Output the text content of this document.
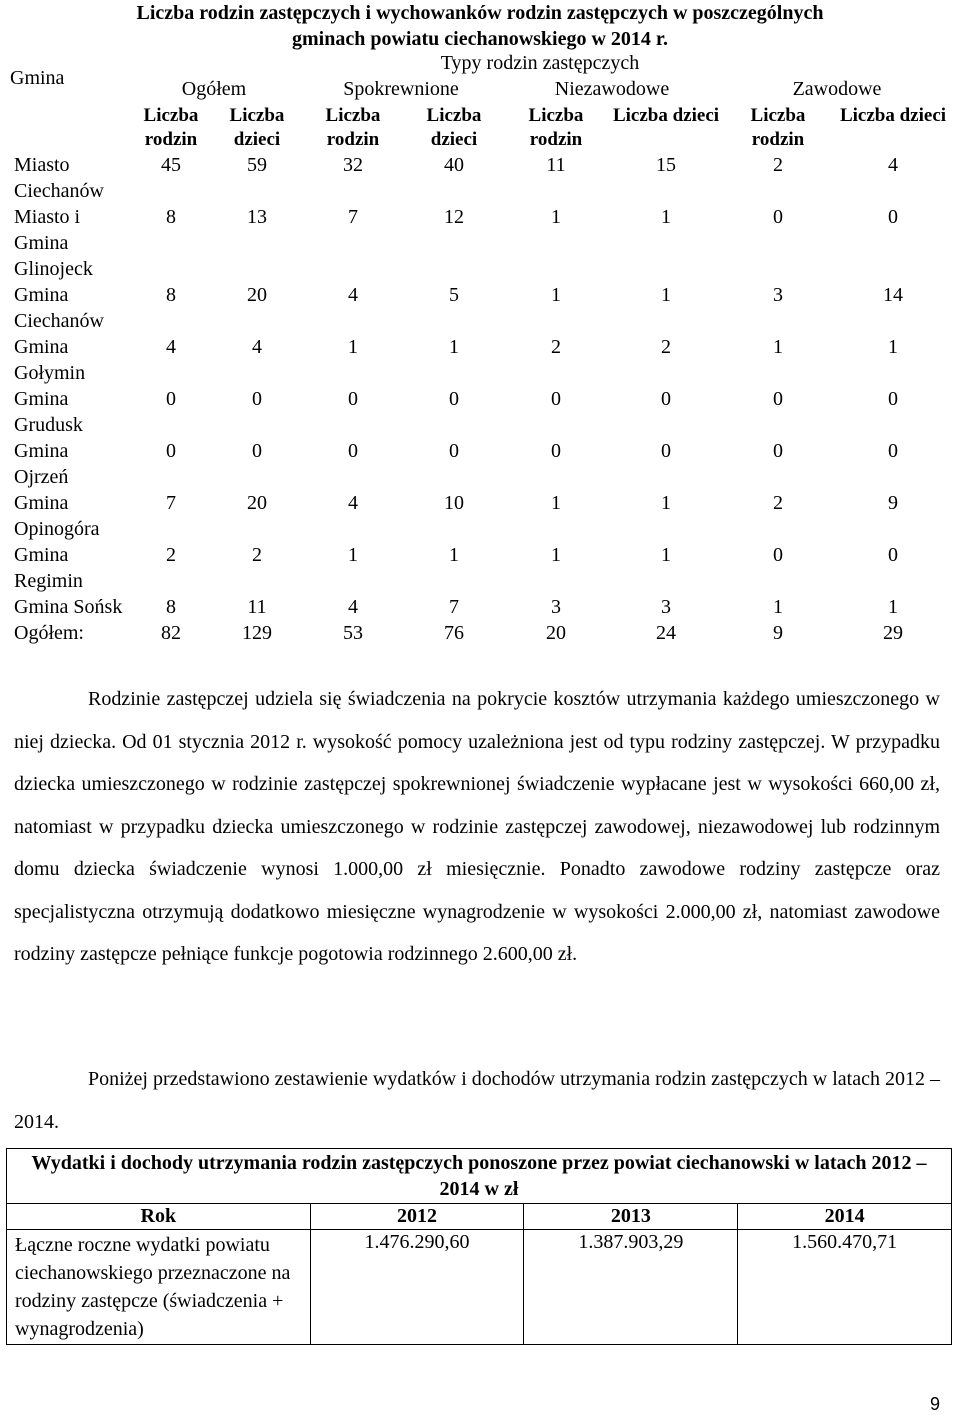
Liczba rodzin zastępczych i wychowanków rodzin zastępczych w poszczególnych
gminach powiatu ciechanowskiego w 2014 r.
Gmina	Typy rodzin zastępczych							
	Ogółem		Spokrewnione		Niezawodowe		Zawodowe	
	Liczba rodzin	Liczba dzieci	Liczba rodzin	Liczba dzieci	Liczba rodzin	Liczba dzieci	Liczba rodzin	Liczba dzieci
Miasto Ciechanów	45	59	32	40	11	15	2	4
Miasto i Gmina Glinojeck	8	13	7	12	1	1	0	0
Gmina Ciechanów	8	20	4	5	1	1	3	14
Gmina Gołymin	4	4	1	1	2	2	1	1
Gmina Grudusk	0	0	0	0	0	0	0	0
Gmina Ojrzeń	0	0	0	0	0	0	0	0
Gmina Opinogóra	7	20	4	10	1	1	2	9
Gmina Regimin	2	2	1	1	1	1	0	0
Gmina Sońsk	8	11	4	7	3	3	1	1
Ogółem:	82	129	53	76	20	24	9	29
Rodzinie zastępczej udziela się świadczenia na pokrycie kosztów utrzymania każdego umieszczonego w niej dziecka. Od 01 stycznia 2012 r. wysokość pomocy uzależniona jest od typu rodziny zastępczej. W przypadku dziecka umieszczonego w rodzinie zastępczej spokrewnionej świadczenie wypłacane jest w wysokości 660,00 zł, natomiast w przypadku dziecka umieszczonego w rodzinie zastępczej zawodowej, niezawodowej lub rodzinnym domu dziecka świadczenie wynosi 1.000,00 zł miesięcznie. Ponadto zawodowe rodziny zastępcze oraz specjalistyczna otrzymują dodatkowo miesięczne wynagrodzenie w wysokości 2.000,00 zł, natomiast zawodowe rodziny zastępcze pełniące funkcje pogotowia rodzinnego 2.600,00 zł.
Poniżej przedstawiono zestawienie wydatków i dochodów utrzymania rodzin zastępczych w latach 2012 – 2014.
Wydatki i dochody utrzymania rodzin zastępczych ponoszone przez powiat ciechanowski w latach 2012 – 2014 w zł			
Rok	2012	2013	2014
Łączne roczne wydatki powiatu ciechanowskiego przeznaczone na rodziny zastępcze (świadczenia + wynagrodzenia)	1.476.290,60	1.387.903,29	1.560.470,71
9
